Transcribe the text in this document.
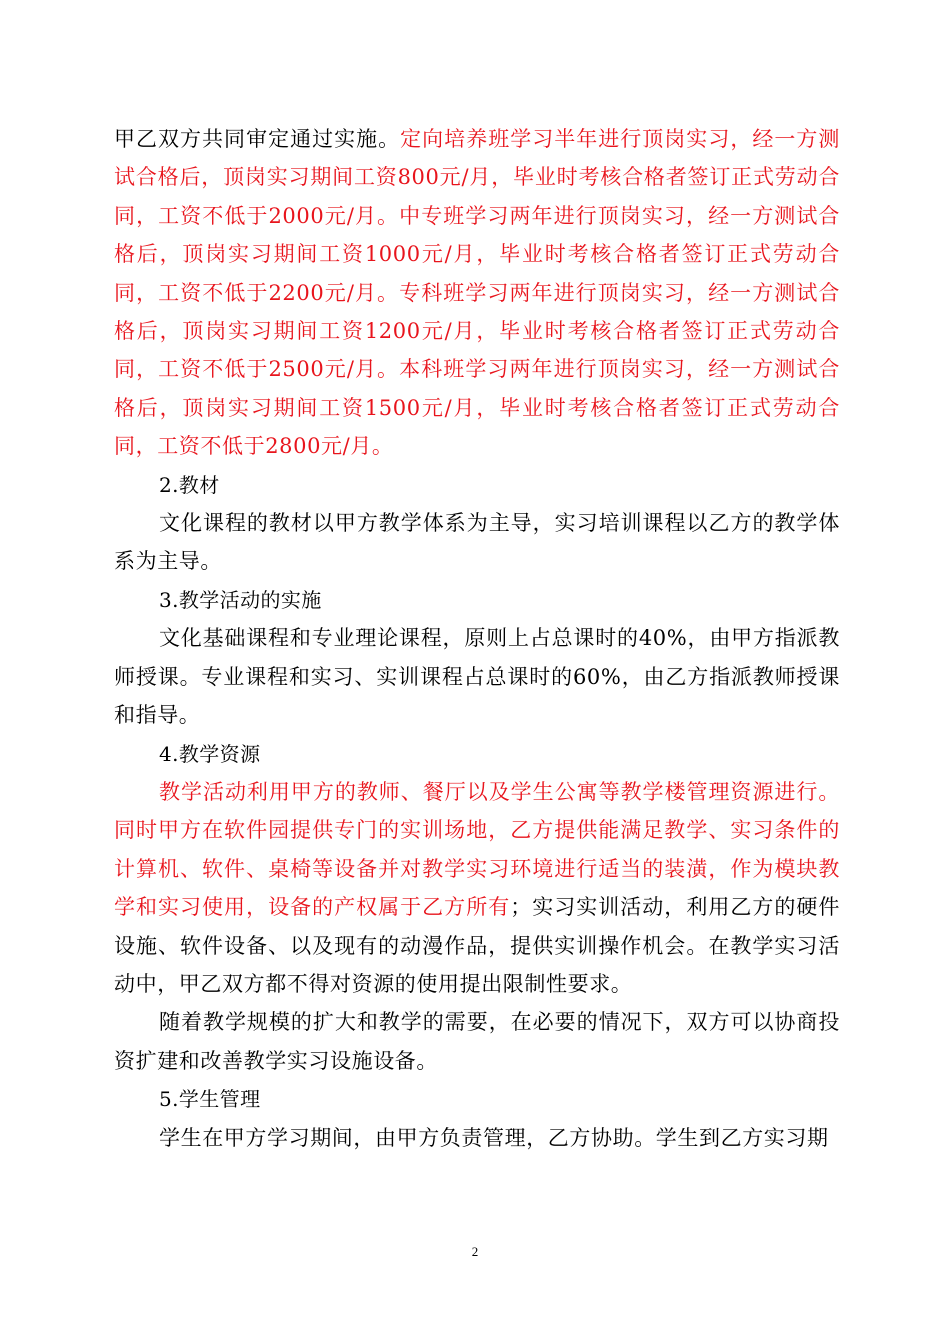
甲乙双方共同审定通过实施。定向培养班学习半年进行顶岗实习，经一方测试合格后，顶岗实习期间工资800元/月，毕业时考核合格者签订正式劳动合同，工资不低于2000元/月。中专班学习两年进行顶岗实习，经一方测试合格后，顶岗实习期间工资1000元/月，毕业时考核合格者签订正式劳动合同，工资不低于2200元/月。专科班学习两年进行顶岗实习，经一方测试合格后，顶岗实习期间工资1200元/月，毕业时考核合格者签订正式劳动合同，工资不低于2500元/月。本科班学习两年进行顶岗实习，经一方测试合格后，顶岗实习期间工资1500元/月，毕业时考核合格者签订正式劳动合同，工资不低于2800元/月。

2.教材

文化课程的教材以甲方教学体系为主导，实习培训课程以乙方的教学体系为主导。

3.教学活动的实施

文化基础课程和专业理论课程，原则上占总课时的40%，由甲方指派教师授课。专业课程和实习、实训课程占总课时的60%，由乙方指派教师授课和指导。

4.教学资源

教学活动利用甲方的教师、餐厅以及学生公寓等教学楼管理资源进行。同时甲方在软件园提供专门的实训场地，乙方提供能满足教学、实习条件的计算机、软件、桌椅等设备并对教学实习环境进行适当的装潢，作为模块教学和实习使用，设备的产权属于乙方所有；实习实训活动，利用乙方的硬件设施、软件设备、以及现有的动漫作品，提供实训操作机会。在教学实习活动中，甲乙双方都不得对资源的使用提出限制性要求。

随着教学规模的扩大和教学的需要，在必要的情况下，双方可以协商投资扩建和改善教学实习设施设备。

5.学生管理

学生在甲方学习期间，由甲方负责管理，乙方协助。学生到乙方实习期

2
